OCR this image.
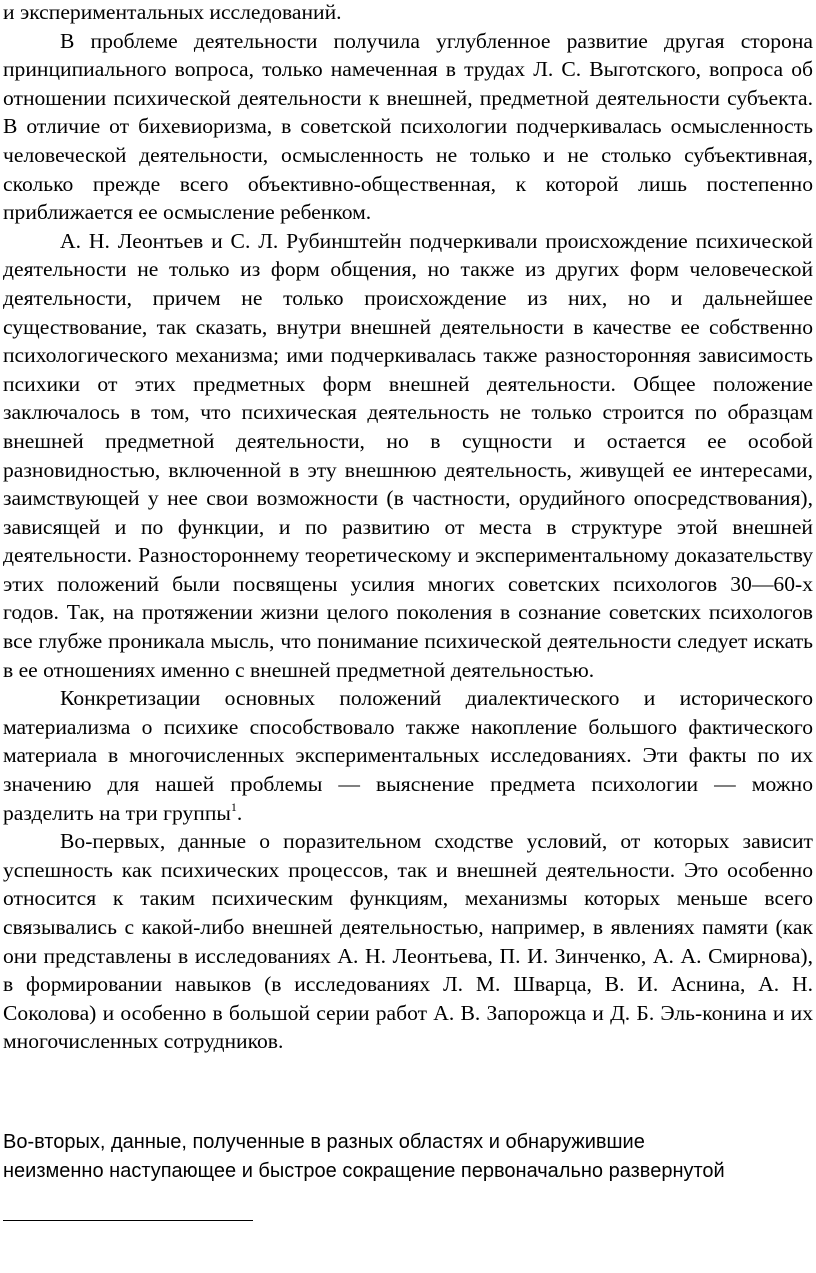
и экспериментальных исследований.

В проблеме деятельности получила углубленное развитие другая сторона принципиального вопроса, только намеченная в трудах Л. С. Выготского, вопроса об отношении психической деятельности к внешней, предметной деятельности субъекта. В отличие от бихевиоризма, в советской психологии подчеркивалась осмысленность человеческой деятельности, осмысленность не только и не столько субъективная, сколько прежде всего объективно-общественная, к которой лишь постепенно приближается ее осмысление ребенком.

А. Н. Леонтьев и С. Л. Рубинштейн подчеркивали происхождение психической деятельности не только из форм общения, но также из других форм человеческой деятельности, причем не только происхождение из них, но и дальнейшее существование, так сказать, внутри внешней деятельности в качестве ее собственно психологического механизма; ими подчеркивалась также разносторонняя зависимость психики от этих предметных форм внешней деятельности. Общее положение заключалось в том, что психическая деятельность не только строится по образцам внешней предметной деятельности, но в сущности и остается ее особой разновидностью, включенной в эту внешнюю деятельность, живущей ее интересами, заимствующей у нее свои возможности (в частности, орудийного опосредствования), зависящей и по функции, и по развитию от места в структуре этой внешней деятельности. Разностороннему теоретическому и экспериментальному доказательству этих положений были посвящены усилия многих советских психологов 30—60-х годов. Так, на протяжении жизни целого поколения в сознание советских психологов все глубже проникала мысль, что понимание психической деятельности следует искать в ее отношениях именно с внешней предметной деятельностью.

Конкретизации основных положений диалектического и исторического материализма о психике способствовало также накопление большого фактического материала в многочисленных экспериментальных исследованиях. Эти факты по их значению для нашей проблемы — выяснение предмета психологии — можно разделить на три группы$^1$.

Во-первых, данные о поразительном сходстве условий, от которых зависит успешность как психических процессов, так и внешней деятельности. Это особенно относится к таким психическим функциям, механизмы которых меньше всего связывались с какой-либо внешней деятельностью, например, в явлениях памяти (как они представлены в исследованиях А. Н. Леонтьева, П. И. Зинченко, А. А. Смирнова), в формировании навыков (в исследованиях Л. М. Шварца, В. И. Аснина, А. Н. Соколова) и особенно в большой серии работ А. В. Запорожца и Д. Б. Эль-конина и их многочисленных сотрудников.

Во-вторых, данные, полученные в разных областях и обнаружившие

неизменно наступающее и быстрое сокращение первоначально развернутой
